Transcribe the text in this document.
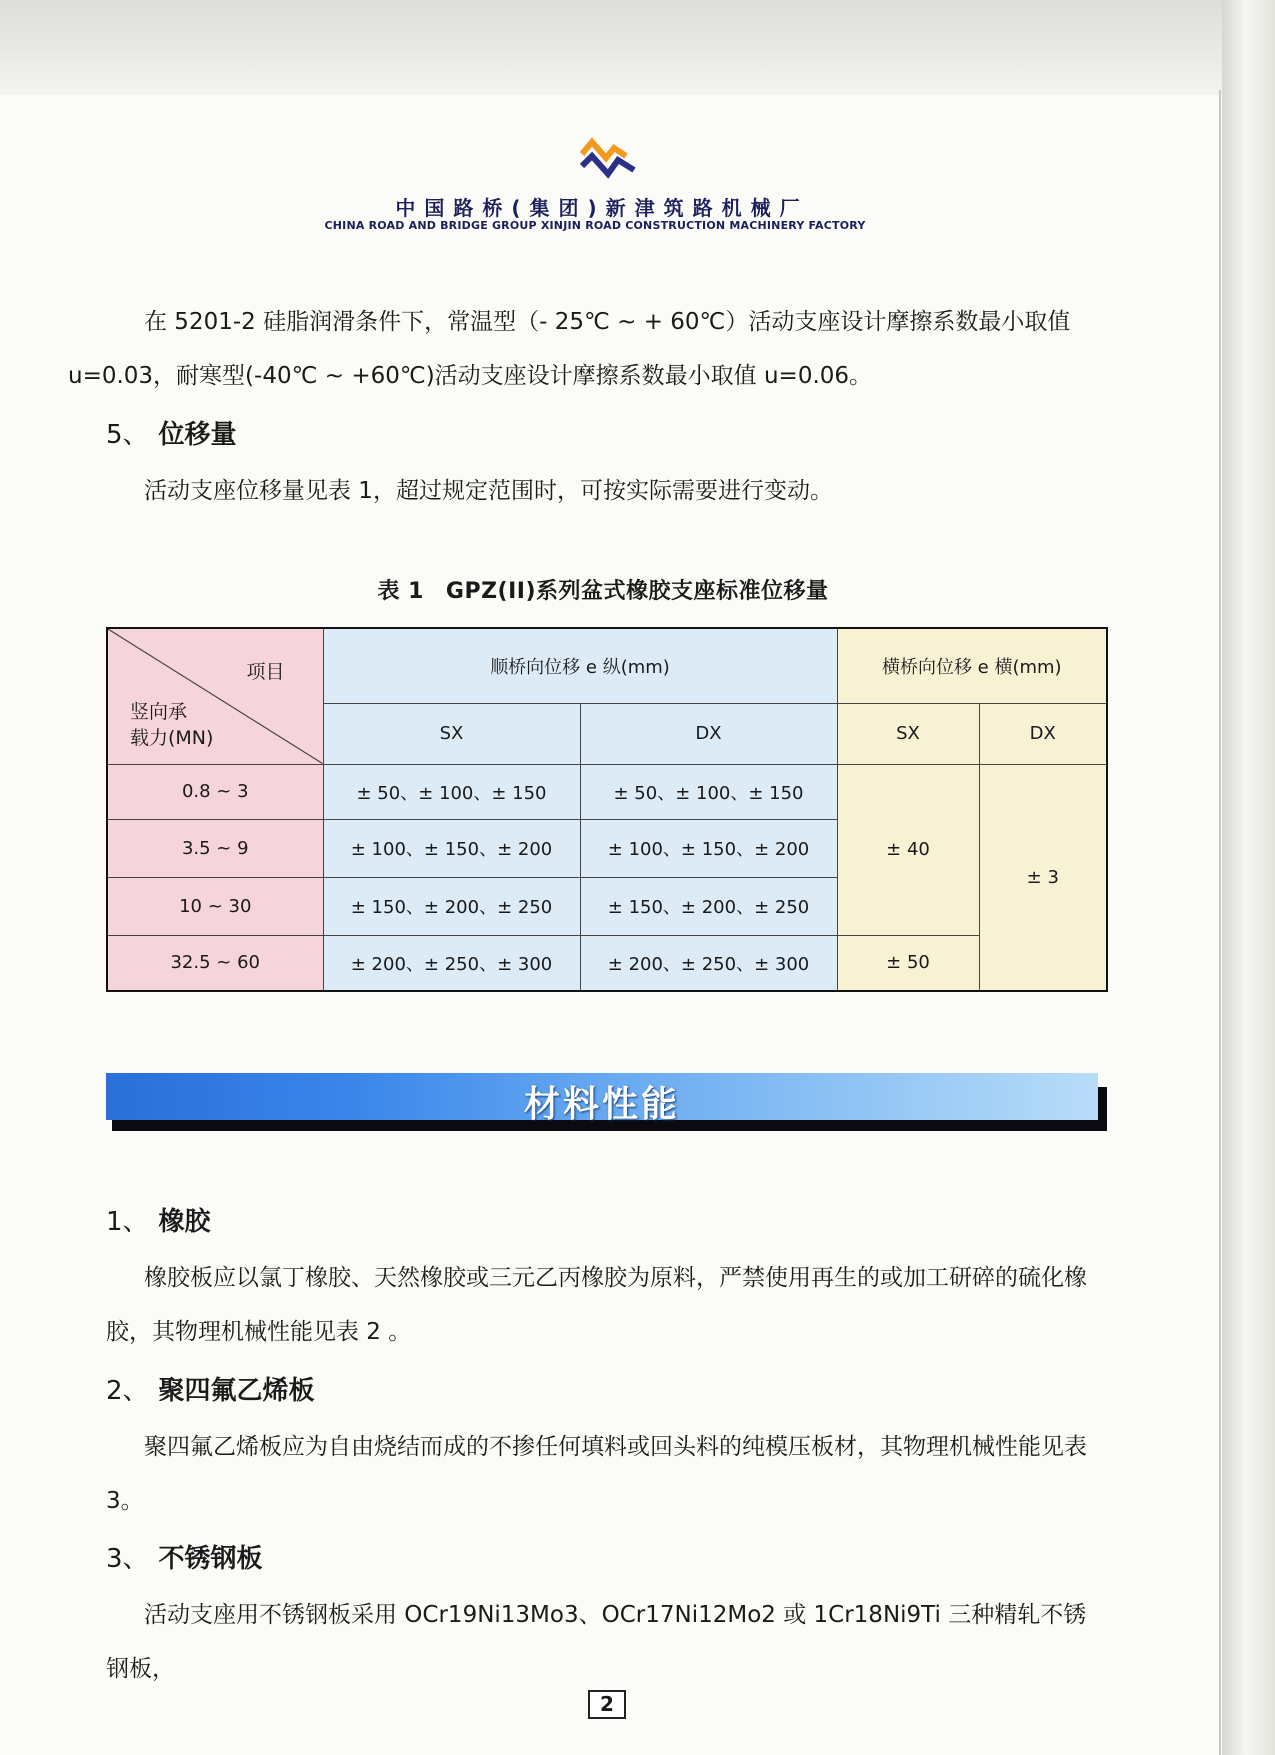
中国路桥(集团)新津筑路机械厂
CHINA ROAD AND BRIDGE GROUP XINJIN ROAD CONSTRUCTION MACHINERY FACTORY

在 5201-2 硅脂润滑条件下，常温型（- 25℃ ~ + 60℃）活动支座设计摩擦系数最小取值
u=0.03，耐寒型(-40℃ ~ +60℃)活动支座设计摩擦系数最小取值 u=0.06。

5、 位移量

活动支座位移量见表 1，超过规定范围时，可按实际需要进行变动。

表 1 GPZ(II)系列盆式橡胶支座标准位移量
项目
竖向承
载力(MN)	顺桥向位移 e 纵(mm)		横桥向位移 e 横(mm)	
	SX	DX	SX	DX
0.8 ~ 3	± 50、± 100、± 150	± 50、± 100、± 150	± 40	± 3
3.5 ~ 9	± 100、± 150、± 200	± 100、± 150、± 200		
10 ~ 30	± 150、± 200、± 250	± 150、± 200、± 250		
32.5 ~ 60	± 200、± 250、± 300	± 200、± 250、± 300	± 50	
材料性能
1、 橡胶

橡胶板应以氯丁橡胶、天然橡胶或三元乙丙橡胶为原料，严禁使用再生的或加工研碎的硫化橡胶，其物理机械性能见表 2 。

2、 聚四氟乙烯板

聚四氟乙烯板应为自由烧结而成的不掺任何填料或回头料的纯模压板材，其物理机械性能见表 3。

3、 不锈钢板

活动支座用不锈钢板采用 OCr19Ni13Mo3、OCr17Ni12Mo2 或 1Cr18Ni9Ti 三种精轧不锈钢板，

2
